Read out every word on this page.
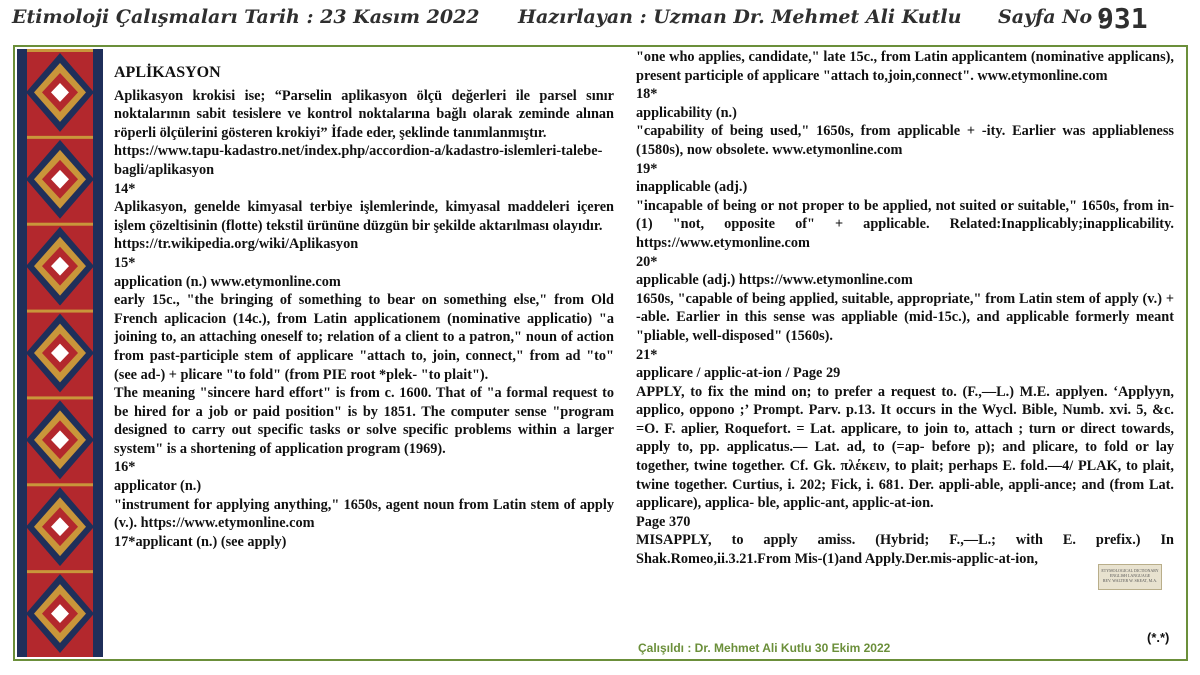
Etimoloji Çalışmaları Tarih : 23 Kasım 2022 Hazırlayan : Uzman Dr. Mehmet Ali Kutlu Sayfa No :
931

APLİKASYON

Aplikasyon krokisi ise; “Parselin aplikasyon ölçü değerleri ile parsel sınır noktalarının sabit tesislere ve kontrol noktalarına bağlı olarak zeminde alınan röperli ölçülerini gösteren krokiyi” İfade eder, şeklinde tanımlanmıştır.

https://www.tapu-kadastro.net/index.php/accordion-a/kadastro-islemleri-talebe-bagli/aplikasyon

14*

Aplikasyon, genelde kimyasal terbiye işlemlerinde, kimyasal maddeleri içeren işlem çözeltisinin (flotte) tekstil ürününe düzgün bir şekilde aktarılması olayıdır.

https://tr.wikipedia.org/wiki/Aplikasyon

15*

application (n.) www.etymonline.com

early 15c., "the bringing of something to bear on something else," from Old French aplicacion (14c.), from Latin applicationem (nominative applicatio) "a joining to, an attaching oneself to; relation of a client to a patron," noun of action from past-participle stem of applicare "attach to, join, connect," from ad "to" (see ad-) + plicare "to fold" (from PIE root *plek- "to plait").

The meaning "sincere hard effort" is from c. 1600. That of "a formal request to be hired for a job or paid position" is by 1851. The computer sense "program designed to carry out specific tasks or solve specific problems within a larger system" is a shortening of application program (1969).

16*

applicator (n.)

"instrument for applying anything," 1650s, agent noun from Latin stem of apply (v.). https://www.etymonline.com

17*applicant (n.) (see apply)

"one who applies, candidate," late 15c., from Latin applicantem (nominative applicans), present participle of applicare "attach to,join,connect". www.etymonline.com

18*

applicability (n.)

"capability of being used," 1650s, from applicable + -ity. Earlier was appliableness (1580s), now obsolete. www.etymonline.com

19*

inapplicable (adj.)

"incapable of being or not proper to be applied, not suited or suitable," 1650s, from in- (1) "not, opposite of" + applicable. Related:Inapplicably;inapplicability. https://www.etymonline.com

20*

applicable (adj.) https://www.etymonline.com

1650s, "capable of being applied, suitable, appropriate," from Latin stem of apply (v.) + -able. Earlier in this sense was appliable (mid-15c.), and applicable formerly meant "pliable, well-disposed" (1560s).

21*

applicare / applic-at-ion / Page 29

APPLY, to fix the mind on; to prefer a request to. (F.,—L.) M.E. applyen. ‘Applyyn, applico, oppono ;’ Prompt. Parv. p.13. It occurs in the Wycl. Bible, Numb. xvi. 5, &c. =O. F. aplier, Roquefort. = Lat. applicare, to join to, attach ; turn or direct towards, apply to, pp. applicatus.— Lat. ad, to (=ap- before p); and plicare, to fold or lay together, twine together. Cf. Gk. πλέκειν, to plait; perhaps E. fold.—4/ PLAK, to plait, twine together. Curtius, i. 202; Fick, i. 681. Der. appli-able, appli-ance; and (from Lat. applicare), applica- ble, applic-ant, applic-at-ion.

Page 370

MISAPPLY, to apply amiss. (Hybrid; F.,—L.; with E. prefix.) In Shak.Romeo,ii.3.21.From Mis-(1)and Apply.Der.mis-applic-at-ion,

ETYMOLOGICAL DICTIONARY
ENGLISH LANGUAGE
REV. WALTER W. SKEAT, M.A.
Çalışıldı : Dr. Mehmet Ali Kutlu 30 Ekim 2022
(*.*)
